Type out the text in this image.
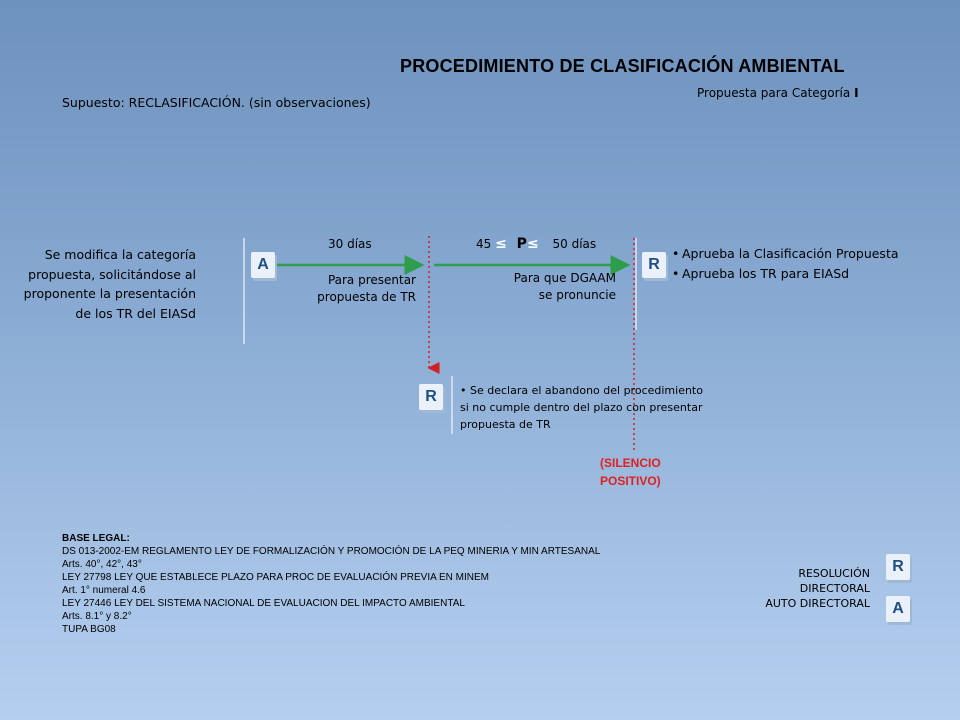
PROCEDIMIENTO DE CLASIFICACIÓN AMBIENTAL
Supuesto: RECLASIFICACIÓN. (sin observaciones)
Propuesta para Categoría I
Se modifica la categoría propuesta, solicitándose al proponente la presentación de los TR del EIASd
A	R
R
30 días
Para presentar
propuesta de TR
45 ≤ P≤ 50 días
Para que DGAAM
se pronuncie
• Aprueba la Clasificación Propuesta
• Aprueba los TR para EIASd
• Se declara el abandono del procedimiento si no cumple dentro del plazo con presentar propuesta de TR
(SILENCIO
POSITIVO)
BASE LEGAL:
DS 013-2002-EM REGLAMENTO LEY DE FORMALIZACIÓN Y PROMOCIÓN DE LA PEQ MINERIA Y MIN ARTESANAL
Arts. 40°, 42°, 43°
LEY 27798 LEY QUE ESTABLECE PLAZO PARA PROC DE EVALUACIÓN PREVIA EN MINEM
Art. 1° numeral 4.6
LEY 27446 LEY DEL SISTEMA NACIONAL DE EVALUACION DEL IMPACTO AMBIENTAL
Arts. 8.1° y 8.2°
TUPA BG08
RESOLUCIÓN
DIRECTORAL
AUTO DIRECTORAL
R
A
